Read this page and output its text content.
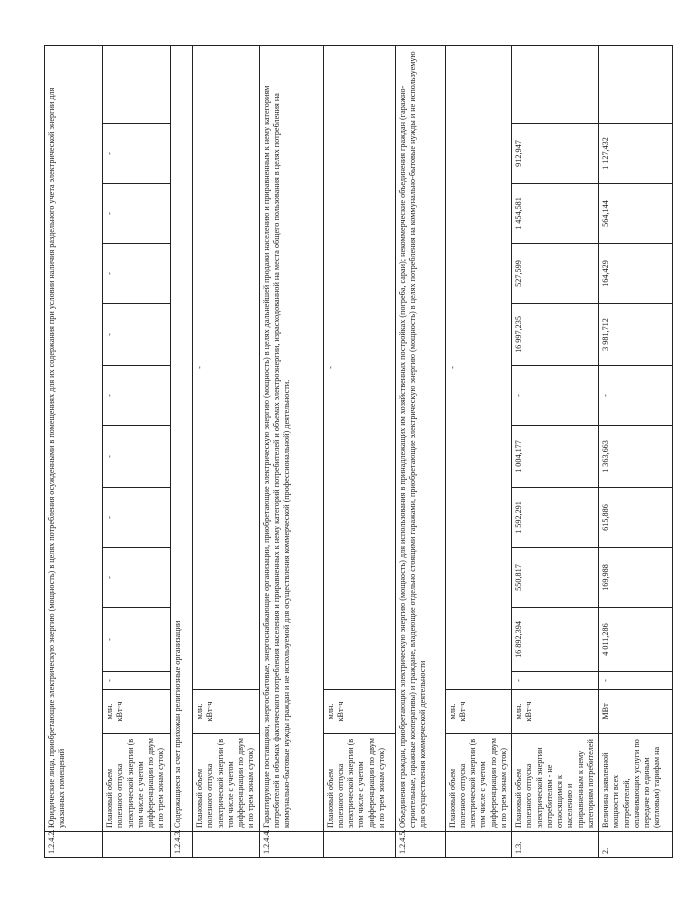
1.2.4.2.	Юридические лица, приобретающие электрическую энергию (мощность) в целях потребления осужденными в помещениях для их содержания при условии наличия раздельного учета электрической энергии для указанных помещений												
	Плановый объем полезного отпуска электрической энергии (в том числе с учетом дифференциации по двум и по трем зонам суток)	млн. кВт·ч	-	-	-	-	-	-	-	-	-	-	
1.2.4.3.	Содержащиеся за счет прихожан религиозные организации												
	Плановый объем полезного отпуска электрической энергии (в том числе с учетом дифференциации по двум и по трем зонам суток)	млн. кВт·ч	-										
1.2.4.4.	Гарантирующие поставщики, энергосбытовые, энергоснабжающие организации, приобретающие электрическую энергию (мощность) в целях дальнейшей продажи населению и приравненным к нему категориям потребителей в объемах фактического потребления населения и приравненных к нему категорий потребителей и объемах электроэнергии, израсходованной на места общего пользования в целях потребления на коммунально-бытовые нужды граждан и не используемой для осуществления коммерческой (профессиональной) деятельности.												
	Плановый объем полезного отпуска электрической энергии (в том числе с учетом дифференциации по двум и по трем зонам суток)	млн. кВт·ч	-										
1.2.4.5.	Объединения граждан, приобретающих электрическую энергию (мощность) для использования в принадлежащих им хозяйственных постройках (погреба, сараи); некоммерческие объединения граждан (гаражно-строительные, гаражные кооперативы) и граждане, владеющие отдельно стоящими гаражами, приобретающие электрическую энергию (мощность) в целях потребления на коммунально-бытовые нужды и не используемую для осуществления коммерческой деятельности												
	Плановый объем полезного отпуска электрической энергии (в том числе с учетом дифференциации по двум и по трем зонам суток)	млн. кВт·ч	-										
1.3.	Плановый объем полезного отпуска электрической энергии потребителям - не относящимся к населению и приравненным к нему категориям потребителей	млн. кВт·ч	-	16 892,394	550,817	1 592,291	1 004,177	-	16 997,235	527,599	1 454,581	912,947	
2.	Величина заявленной мощности всех потребителей, оплачивающих услуги по передаче по единым (котловым) тарифам на	МВт	-	4 011,286	169,988	615,886	1 363,663	-	3 981,712	164,429	564,144	1 127,432	
